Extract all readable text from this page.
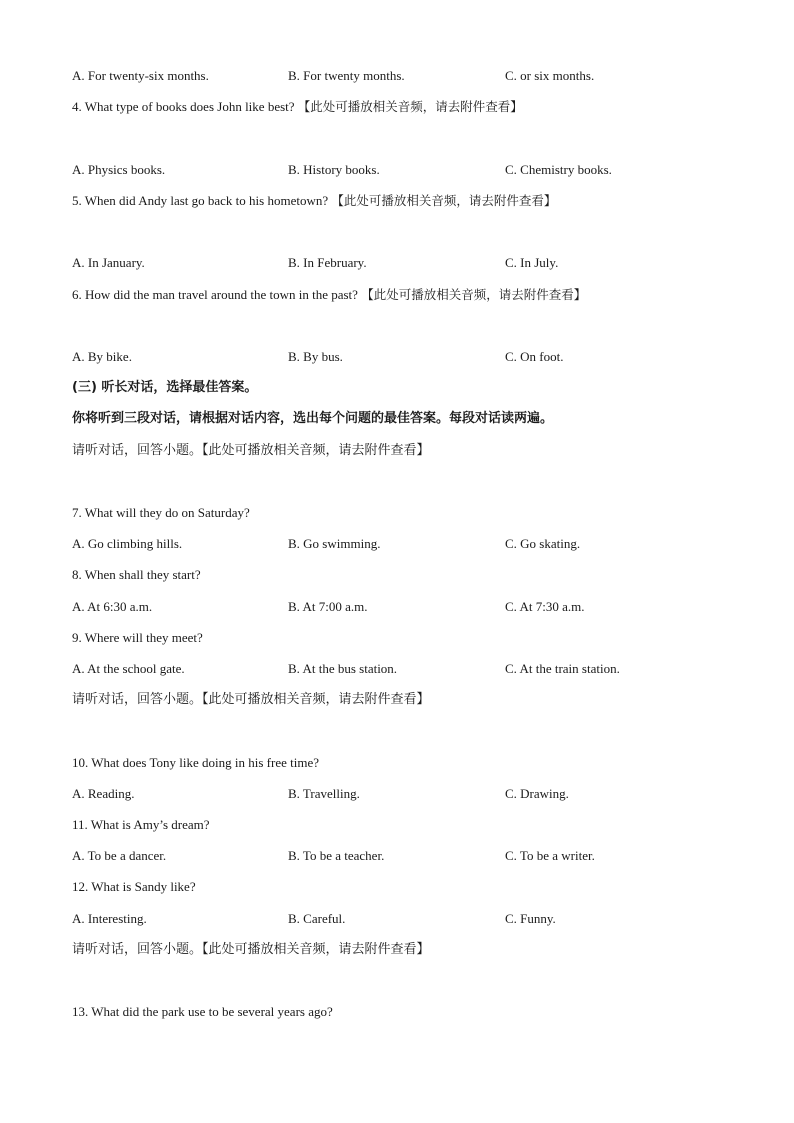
A. For twenty-six months.	B. For twenty months.	C. or six months.
4. What type of books does John like best? 【此处可播放相关音频，请去附件查看】
A. Physics books.	B. History books.	C. Chemistry books.
5. When did Andy last go back to his hometown? 【此处可播放相关音频，请去附件查看】
A. In January.	B. In February.	C. In July.
6. How did the man travel around the town in the past? 【此处可播放相关音频，请去附件查看】
A. By bike.	B. By bus.	C. On foot.
(三) 听长对话，选择最佳答案。
你将听到三段对话，请根据对话内容，选出每个问题的最佳答案。每段对话读两遍。
请听对话，回答小题。【此处可播放相关音频，请去附件查看】
7. What will they do on Saturday?
A. Go climbing hills.	B. Go swimming.	C. Go skating.
8. When shall they start?
A. At 6:30 a.m.	B. At 7:00 a.m.	C. At 7:30 a.m.
9. Where will they meet?
A. At the school gate.	B. At the bus station.	C. At the train station.
请听对话，回答小题。【此处可播放相关音频，请去附件查看】
10. What does Tony like doing in his free time?
A. Reading.	B. Travelling.	C. Drawing.
11. What is Amy’s dream?
A. To be a dancer.	B. To be a teacher.	C. To be a writer.
12. What is Sandy like?
A. Interesting.	B. Careful.	C. Funny.
请听对话，回答小题。【此处可播放相关音频，请去附件查看】
13. What did the park use to be several years ago?
